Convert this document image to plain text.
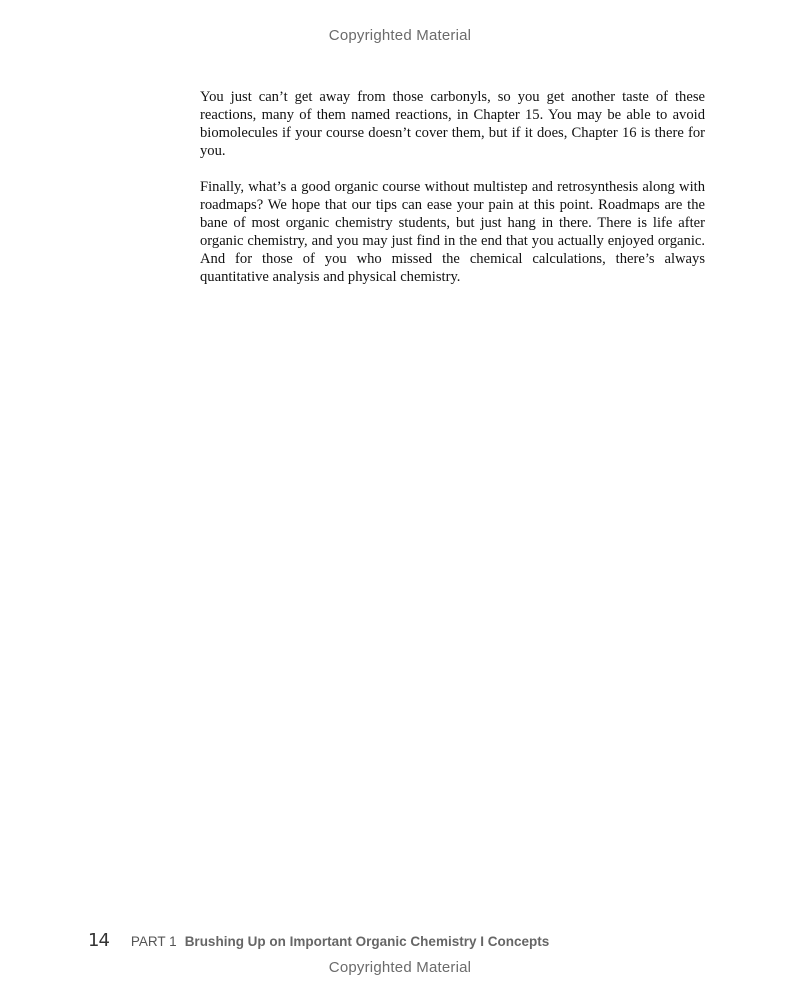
Copyrighted Material

You just can’t get away from those carbonyls, so you get another taste of these reactions, many of them named reactions, in Chapter 15. You may be able to avoid biomolecules if your course doesn’t cover them, but if it does, Chapter 16 is there for you.

Finally, what’s a good organic course without multistep and retrosynthesis along with roadmaps? We hope that our tips can ease your pain at this point. Roadmaps are the bane of most organic chemistry students, but just hang in there. There is life after organic chemistry, and you may just find in the end that you actually enjoyed organic. And for those of you who missed the chemical calculations, there’s always quantitative analysis and physical chemistry.

14 PART 1 Brushing Up on Important Organic Chemistry I Concepts
Copyrighted Material
